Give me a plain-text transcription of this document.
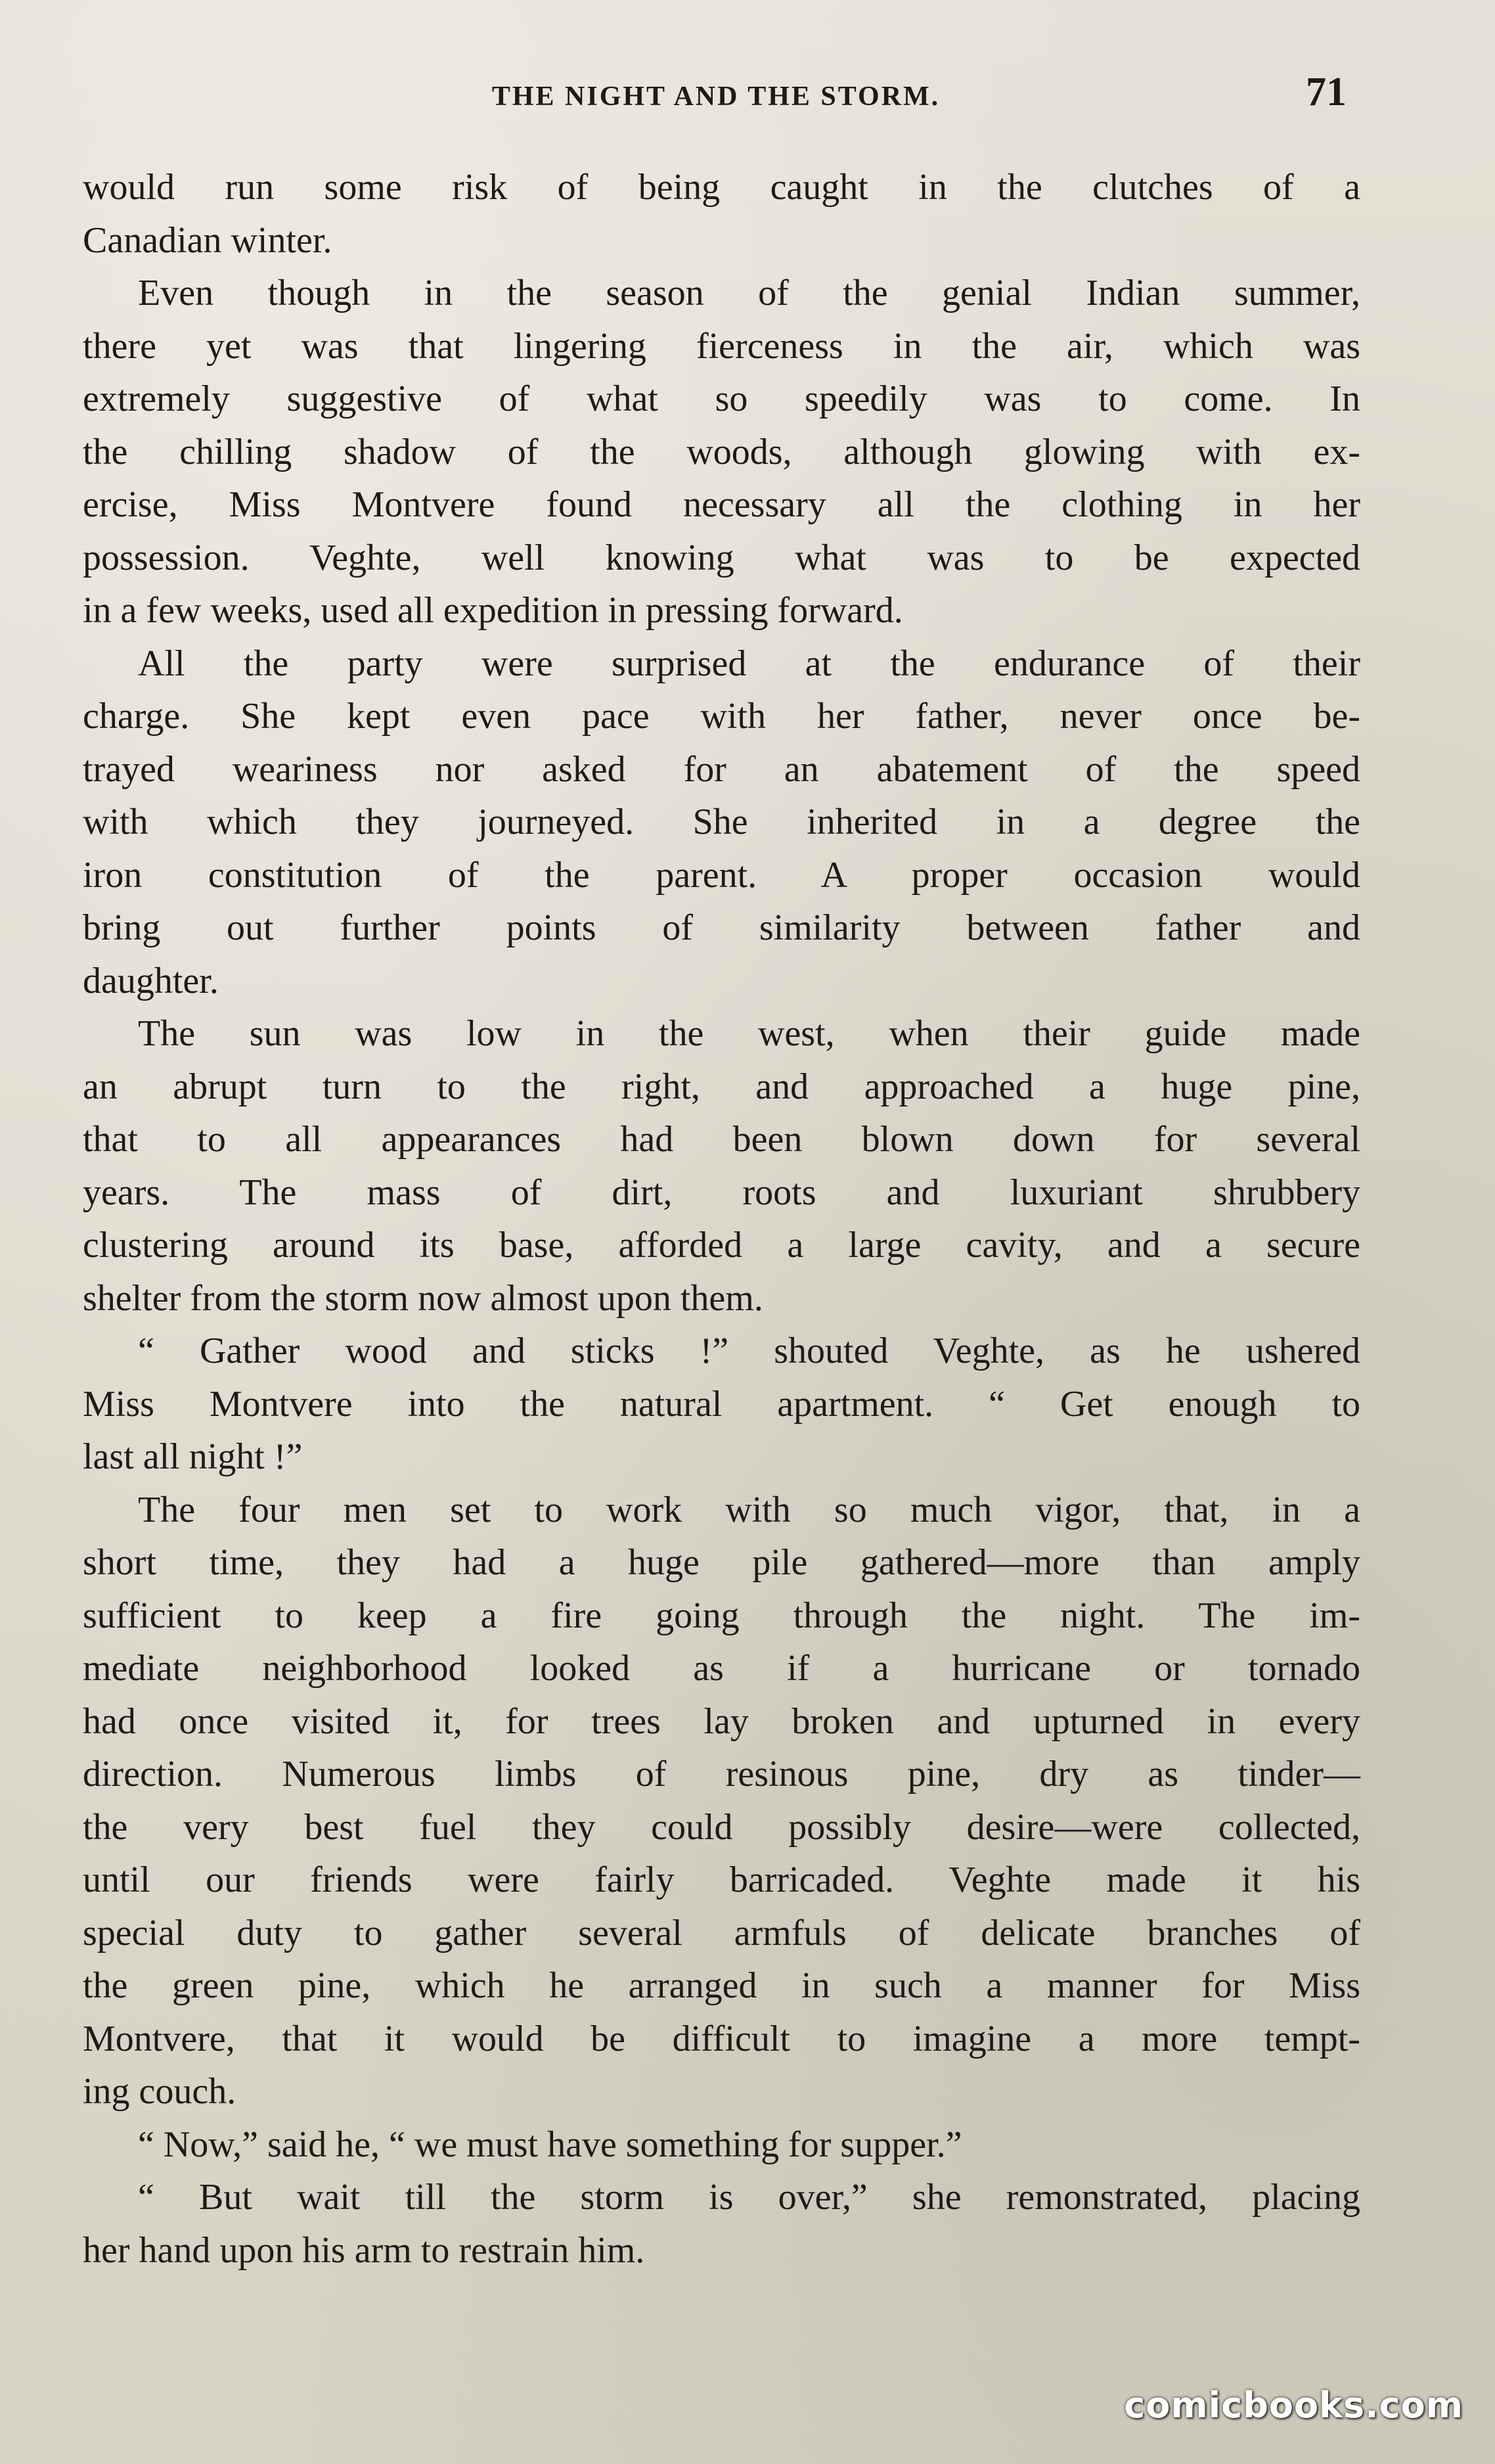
THE NIGHT AND THE STORM.	71
would run some risk of being caught in the clutches of a
Canadian winter.
Even though in the season of the genial Indian summer,
there yet was that lingering fierceness in the air, which was
extremely suggestive of what so speedily was to come. In
the chilling shadow of the woods, although glowing with ex-
ercise, Miss Montvere found necessary all the clothing in her
possession. Veghte, well knowing what was to be expected
in a few weeks, used all expedition in pressing forward.
All the party were surprised at the endurance of their
charge. She kept even pace with her father, never once be-
trayed weariness nor asked for an abatement of the speed
with which they journeyed. She inherited in a degree the
iron constitution of the parent. A proper occasion would
bring out further points of similarity between father and
daughter.
The sun was low in the west, when their guide made
an abrupt turn to the right, and approached a huge pine,
that to all appearances had been blown down for several
years. The mass of dirt, roots and luxuriant shrubbery
clustering around its base, afforded a large cavity, and a secure
shelter from the storm now almost upon them.
“ Gather wood and sticks !” shouted Veghte, as he ushered
Miss Montvere into the natural apartment. “ Get enough to
last all night !”
The four men set to work with so much vigor, that, in a
short time, they had a huge pile gathered—more than amply
sufficient to keep a fire going through the night. The im-
mediate neighborhood looked as if a hurricane or tornado
had once visited it, for trees lay broken and upturned in every
direction. Numerous limbs of resinous pine, dry as tinder—
the very best fuel they could possibly desire—were collected,
until our friends were fairly barricaded. Veghte made it his
special duty to gather several armfuls of delicate branches of
the green pine, which he arranged in such a manner for Miss
Montvere, that it would be difficult to imagine a more tempt-
ing couch.
“ Now,” said he, “ we must have something for supper.”
“ But wait till the storm is over,” she remonstrated, placing
her hand upon his arm to restrain him.
comicbooks.com
